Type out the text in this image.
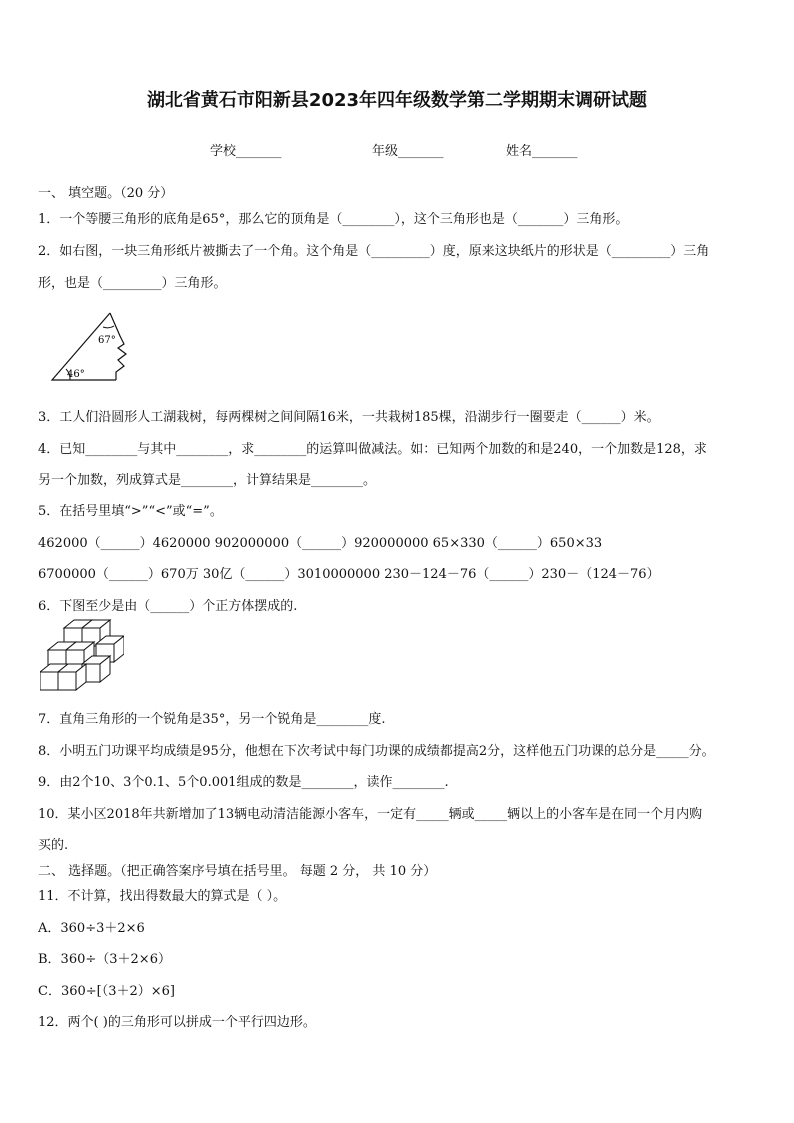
湖北省黄石市阳新县2023年四年级数学第二学期期末调研试题
学校_______	年级_______	姓名_______
一、 填空题。（20 分）
1．一个等腰三角形的底角是65°，那么它的顶角是（________），这个三角形也是（_______）三角形。
2．如右图，一块三角形纸片被撕去了一个角。这个角是（_________）度，原来这块纸片的形状是（_________）三角
形，也是（_________）三角形。
67°
46°
3．工人们沿圆形人工湖栽树，每两棵树之间间隔16米，一共栽树185棵，沿湖步行一圈要走（______）米。
4．已知________与其中________，求________的运算叫做减法。如：已知两个加数的和是240，一个加数是128，求
另一个加数，列成算式是________，计算结果是________。
5．在括号里填“>”“<”或“=”。
462000（______）4620000 902000000（______）920000000 65×330（______）650×33
6700000（______）670万 30亿（______）3010000000 230－124－76（______）230－（124－76）
6．下图至少是由（______）个正方体摆成的.
7．直角三角形的一个锐角是35°，另一个锐角是________度.
8．小明五门功课平均成绩是95分，他想在下次考试中每门功课的成绩都提高2分，这样他五门功课的总分是_____分。
9．由2个10、3个0.1、5个0.001组成的数是________，读作________.
10．某小区2018年共新增加了13辆电动清洁能源小客车，一定有_____辆或_____辆以上的小客车是在同一个月内购
买的.
二、 选择题。（把正确答案序号填在括号里。 每题 2 分， 共 10 分）
11．不计算，找出得数最大的算式是（ ）。
A．360÷3＋2×6
B．360÷（3＋2×6）
C．360÷[（3＋2）×6]
12．两个( )的三角形可以拼成一个平行四边形。
